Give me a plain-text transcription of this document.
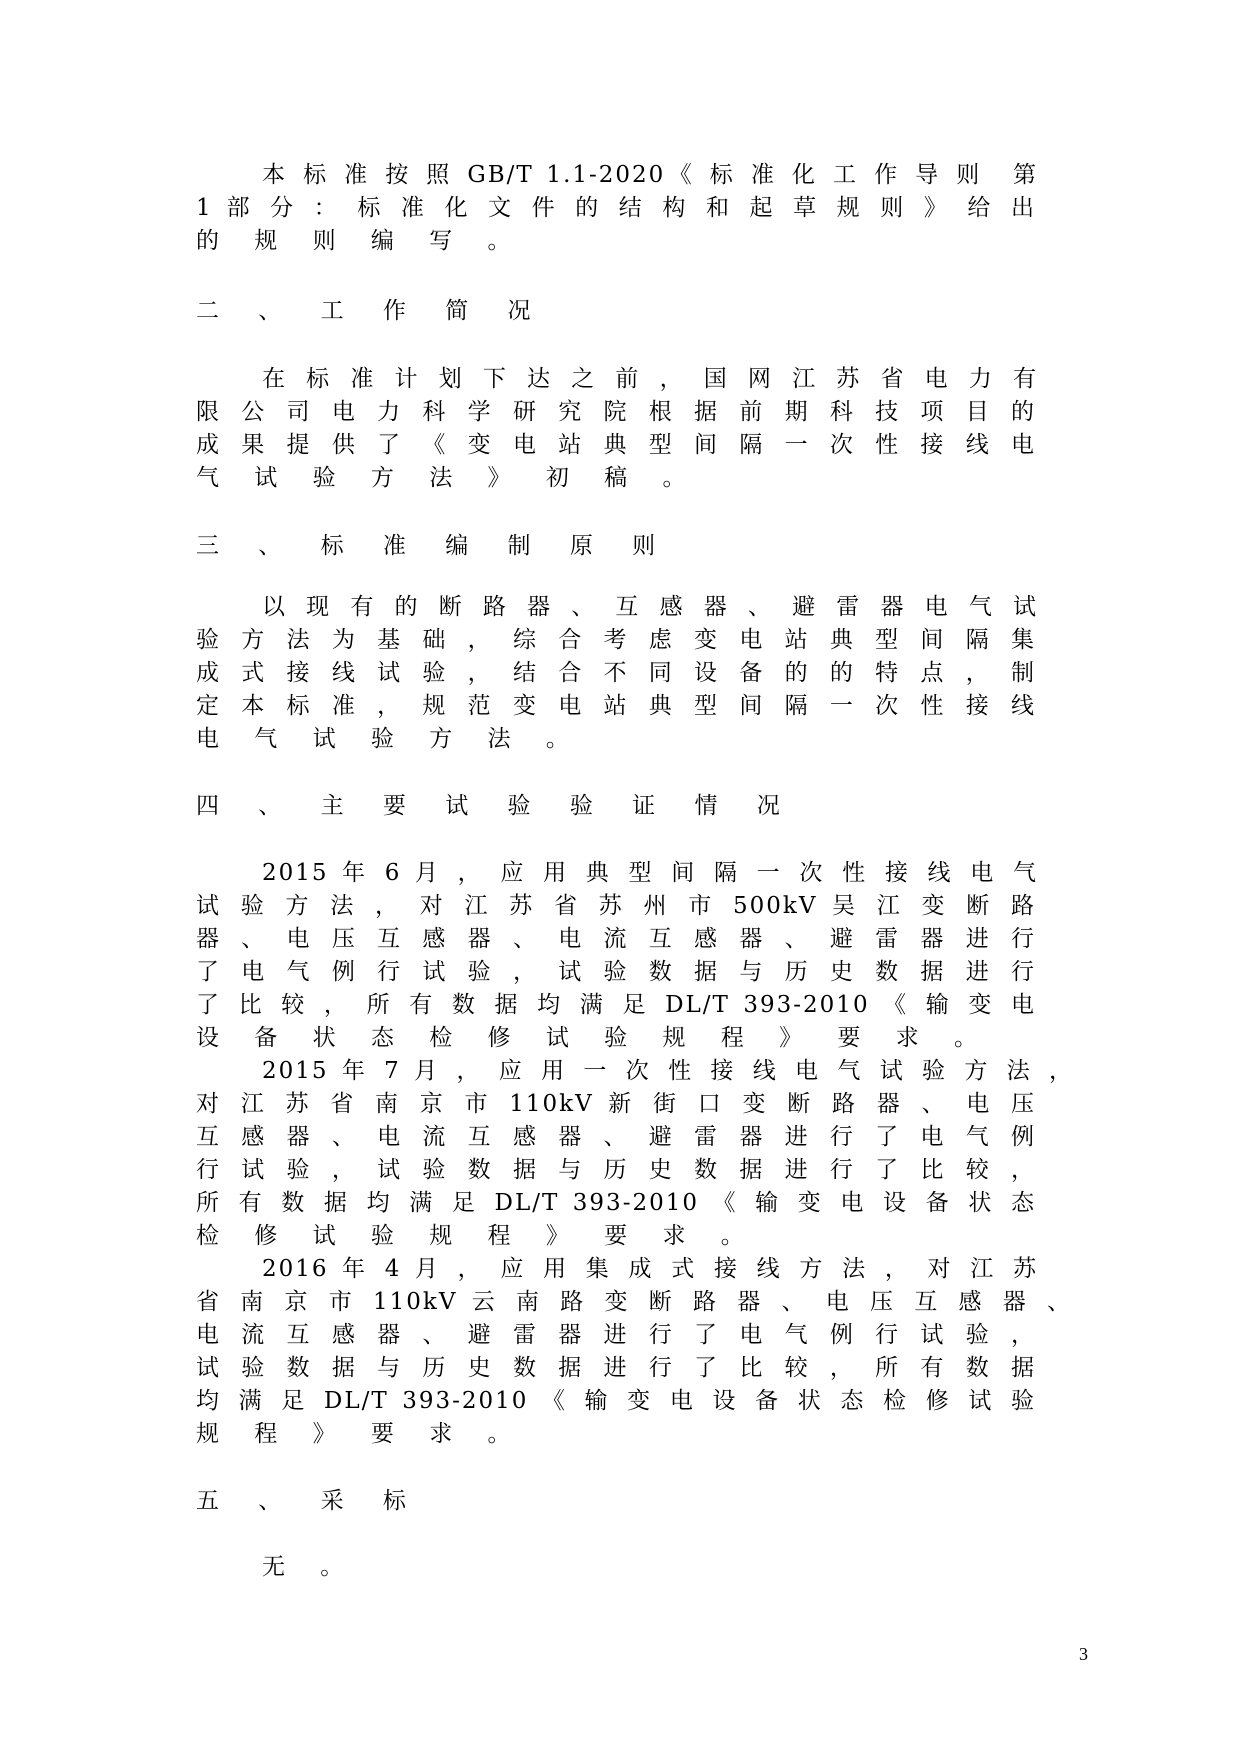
本 标 准 按 照 GB/T 1.1-2020《 标 准 化 工 作 导 则　第
1 部 分 ： 标 准 化 文 件 的 结 构 和 起 草 规 则 》 给 出
的 规 则 编 写 。
二 、 工 作 简 况
在 标 准 计 划 下 达 之 前 ， 国 网 江 苏 省 电 力 有
限 公 司 电 力 科 学 研 究 院 根 据 前 期 科 技 项 目 的
成 果 提 供 了 《 变 电 站 典 型 间 隔 一 次 性 接 线 电
气 试 验 方 法 》 初 稿 。
三 、 标 准 编 制 原 则
以 现 有 的 断 路 器 、 互 感 器 、 避 雷 器 电 气 试
验 方 法 为 基 础 ， 综 合 考 虑 变 电 站 典 型 间 隔 集
成 式 接 线 试 验 ， 结 合 不 同 设 备 的 的 特 点 ， 制
定 本 标 准 ， 规 范 变 电 站 典 型 间 隔 一 次 性 接 线
电 气 试 验 方 法 。
四 、 主 要 试 验 验 证 情 况
2015 年 6 月 ， 应 用 典 型 间 隔 一 次 性 接 线 电 气
试 验 方 法 ， 对 江 苏 省 苏 州 市 500kV 吴 江 变 断 路
器 、 电 压 互 感 器 、 电 流 互 感 器 、 避 雷 器 进 行
了 电 气 例 行 试 验 ， 试 验 数 据 与 历 史 数 据 进 行
了 比 较 ， 所 有 数 据 均 满 足 DL/T 393-2010 《 输 变 电
设 备 状 态 检 修 试 验 规 程 》 要 求 。
2015 年 7 月 ， 应 用 一 次 性 接 线 电 气 试 验 方 法 ，
对 江 苏 省 南 京 市 110kV 新 街 口 变 断 路 器 、 电 压
互 感 器 、 电 流 互 感 器 、 避 雷 器 进 行 了 电 气 例
行 试 验 ， 试 验 数 据 与 历 史 数 据 进 行 了 比 较 ，
所 有 数 据 均 满 足 DL/T 393-2010 《 输 变 电 设 备 状 态
检 修 试 验 规 程 》 要 求 。
2016 年 4 月 ， 应 用 集 成 式 接 线 方 法 ， 对 江 苏
省 南 京 市 110kV 云 南 路 变 断 路 器 、 电 压 互 感 器 、
电 流 互 感 器 、 避 雷 器 进 行 了 电 气 例 行 试 验 ，
试 验 数 据 与 历 史 数 据 进 行 了 比 较 ， 所 有 数 据
均 满 足 DL/T 393-2010 《 输 变 电 设 备 状 态 检 修 试 验
规 程 》 要 求 。
五 、 采 标
无 。
3
